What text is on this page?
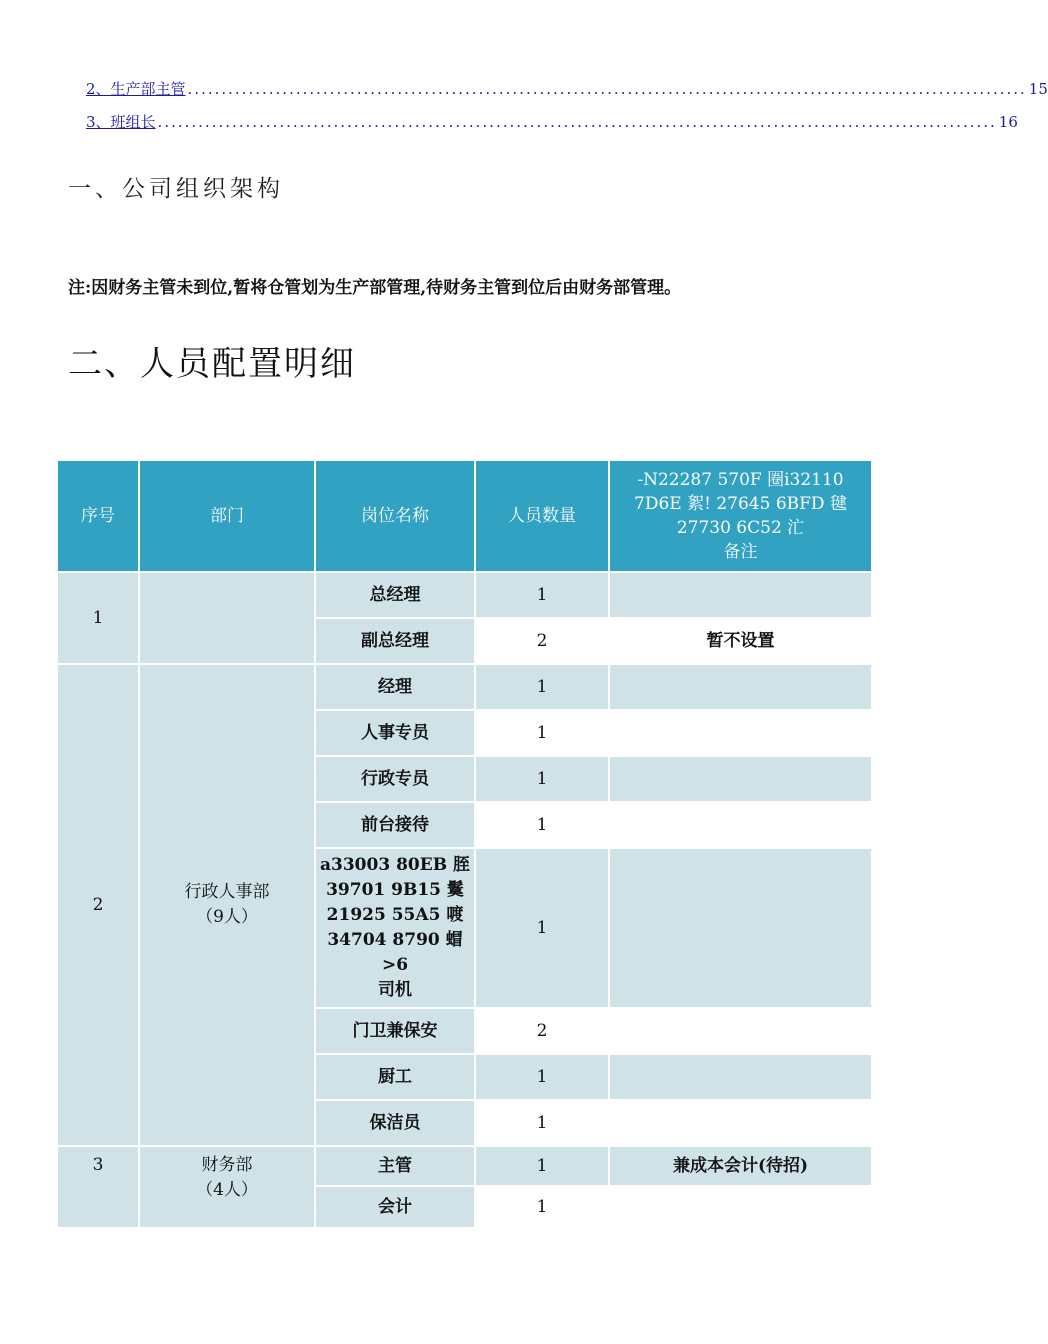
2、生产部主管 ............................................................................................................................ 15
3、班组长 ............................................................................................................................ 16
一、公司组织架构

注:因财务主管未到位,暂将仓管划为生产部管理,待财务主管到位后由财务部管理。

二、人员配置明细
序号	部门	岗位名称	人员数量	-N22287 570F 圈i32110 7D6E 絮! 27645 6BFD 毽 27730 6C52 汒
备注
1		总经理	1	
		副总经理	2	暂不设置
2	行政人事部
（9人）	经理	1	
		人事专员	1	
		行政专员	1	
		前台接待	1	
		a33003 80EB 胵 39701 9B15 鬕 21925 55A5 喥 34704 8790 蝐 >6
司机	1	
		门卫兼保安	2	
		厨工	1	
		保洁员	1	
3	财务部
（4人）	主管	1	兼成本会计(待招)
		会计	1	
